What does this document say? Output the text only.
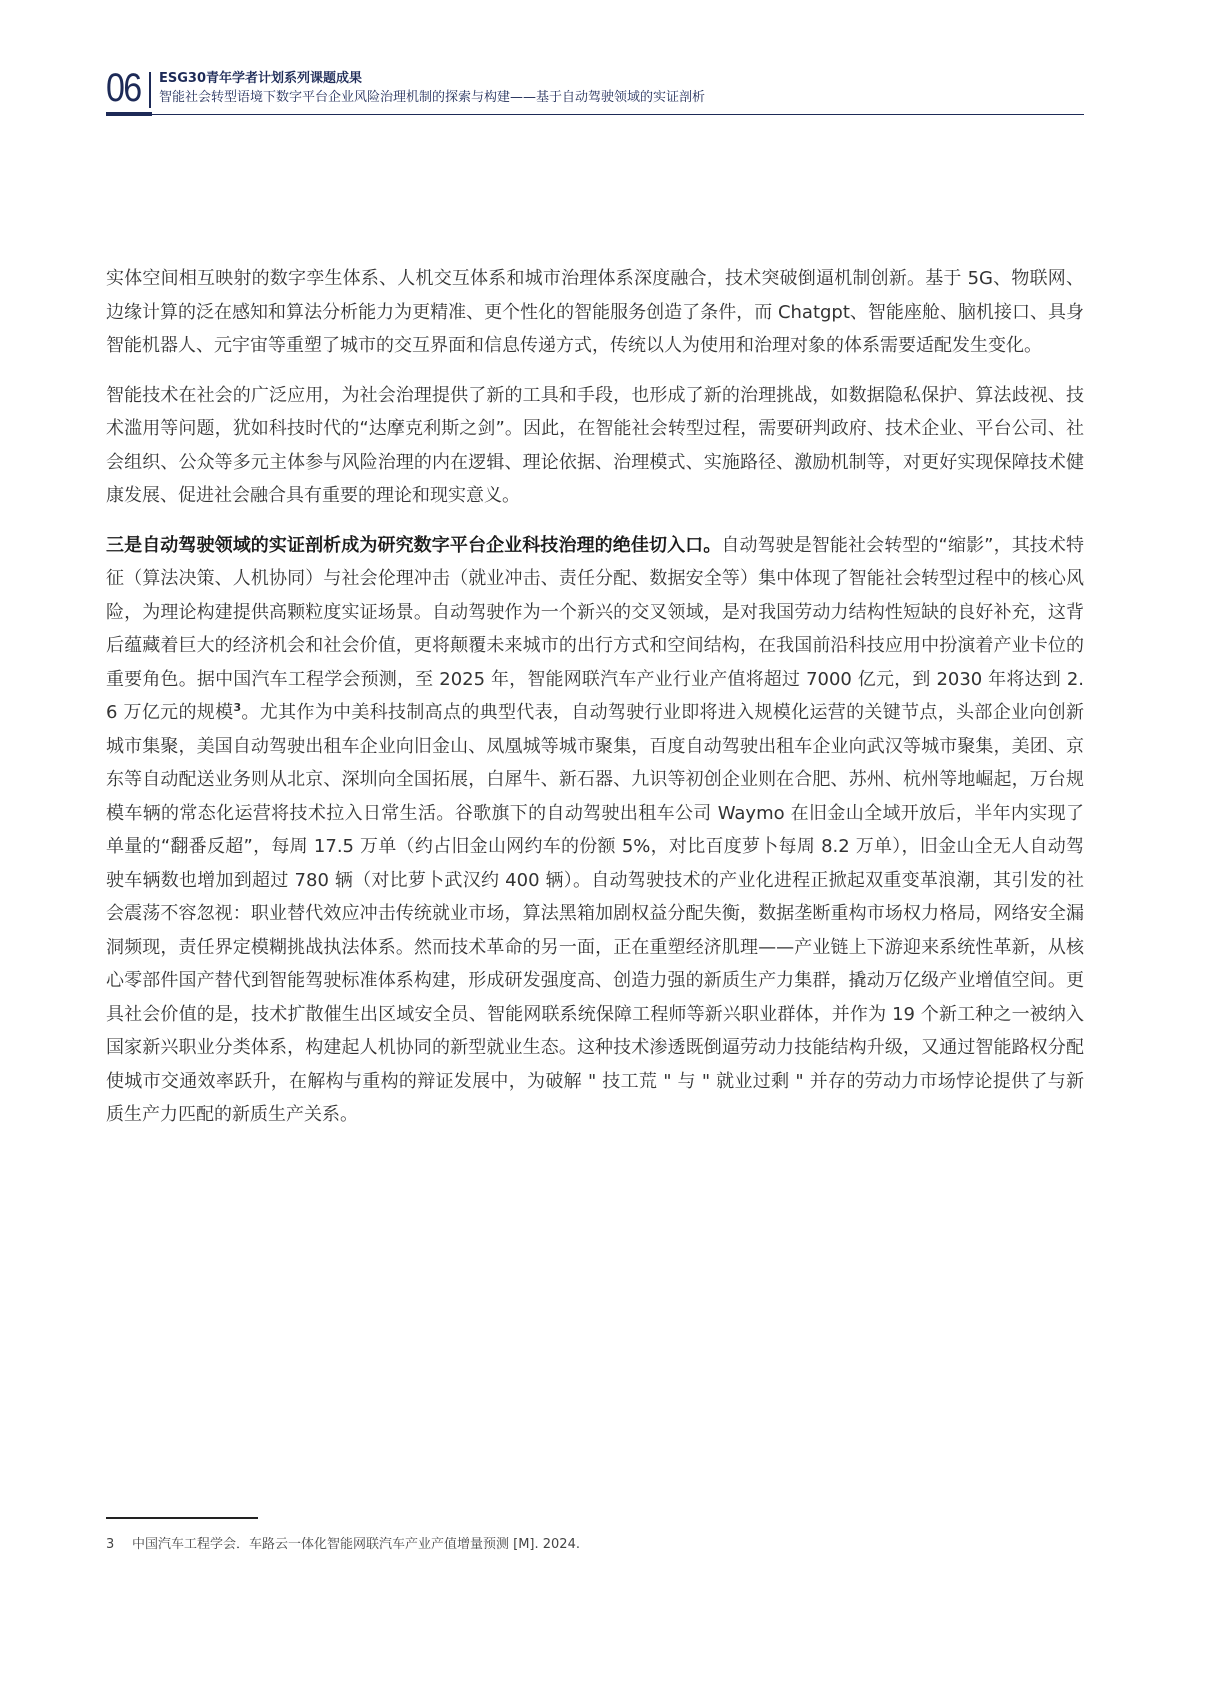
06 ESG30青年学者计划系列课题成果
智能社会转型语境下数字平台企业风险治理机制的探索与构建——基于自动驾驶领域的实证剖析

实体空间相互映射的数字孪生体系、人机交互体系和城市治理体系深度融合，技术突破倒逼机制创新。基于 5G、物联网、边缘计算的泛在感知和算法分析能力为更精准、更个性化的智能服务创造了条件，而 Chatgpt、智能座舱、脑机接口、具身智能机器人、元宇宙等重塑了城市的交互界面和信息传递方式，传统以人为使用和治理对象的体系需要适配发生变化。

智能技术在社会的广泛应用，为社会治理提供了新的工具和手段，也形成了新的治理挑战，如数据隐私保护、算法歧视、技术滥用等问题，犹如科技时代的“达摩克利斯之剑”。因此，在智能社会转型过程，需要研判政府、技术企业、平台公司、社会组织、公众等多元主体参与风险治理的内在逻辑、理论依据、治理模式、实施路径、激励机制等，对更好实现保障技术健康发展、促进社会融合具有重要的理论和现实意义。

三是自动驾驶领域的实证剖析成为研究数字平台企业科技治理的绝佳切入口。自动驾驶是智能社会转型的“缩影”，其技术特征（算法决策、人机协同）与社会伦理冲击（就业冲击、责任分配、数据安全等）集中体现了智能社会转型过程中的核心风险，为理论构建提供高颗粒度实证场景。自动驾驶作为一个新兴的交叉领域，是对我国劳动力结构性短缺的良好补充，这背后蕴藏着巨大的经济机会和社会价值，更将颠覆未来城市的出行方式和空间结构，在我国前沿科技应用中扮演着产业卡位的重要角色。据中国汽车工程学会预测，至 2025 年，智能网联汽车产业行业产值将超过 7000 亿元，到 2030 年将达到 2.6 万亿元的规模$^3$。尤其作为中美科技制高点的典型代表，自动驾驶行业即将进入规模化运营的关键节点，头部企业向创新城市集聚，美国自动驾驶出租车企业向旧金山、凤凰城等城市聚集，百度自动驾驶出租车企业向武汉等城市聚集，美团、京东等自动配送业务则从北京、深圳向全国拓展，白犀牛、新石器、九识等初创企业则在合肥、苏州、杭州等地崛起，万台规模车辆的常态化运营将技术拉入日常生活。谷歌旗下的自动驾驶出租车公司 Waymo 在旧金山全域开放后，半年内实现了单量的“翻番反超”，每周 17.5 万单（约占旧金山网约车的份额 5%，对比百度萝卜每周 8.2 万单），旧金山全无人自动驾驶车辆数也增加到超过 780 辆（对比萝卜武汉约 400 辆）。自动驾驶技术的产业化进程正掀起双重变革浪潮，其引发的社会震荡不容忽视：职业替代效应冲击传统就业市场，算法黑箱加剧权益分配失衡，数据垄断重构市场权力格局，网络安全漏洞频现，责任界定模糊挑战执法体系。然而技术革命的另一面，正在重塑经济肌理——产业链上下游迎来系统性革新，从核心零部件国产替代到智能驾驶标准体系构建，形成研发强度高、创造力强的新质生产力集群，撬动万亿级产业增值空间。更具社会价值的是，技术扩散催生出区域安全员、智能网联系统保障工程师等新兴职业群体，并作为 19 个新工种之一被纳入国家新兴职业分类体系，构建起人机协同的新型就业生态。这种技术渗透既倒逼劳动力技能结构升级，又通过智能路权分配使城市交通效率跃升，在解构与重构的辩证发展中，为破解 " 技工荒 " 与 " 就业过剩 " 并存的劳动力市场悖论提供了与新质生产力匹配的新质生产关系。

3 中国汽车工程学会．车路云一体化智能网联汽车产业产值增量预测 [M]. 2024.
